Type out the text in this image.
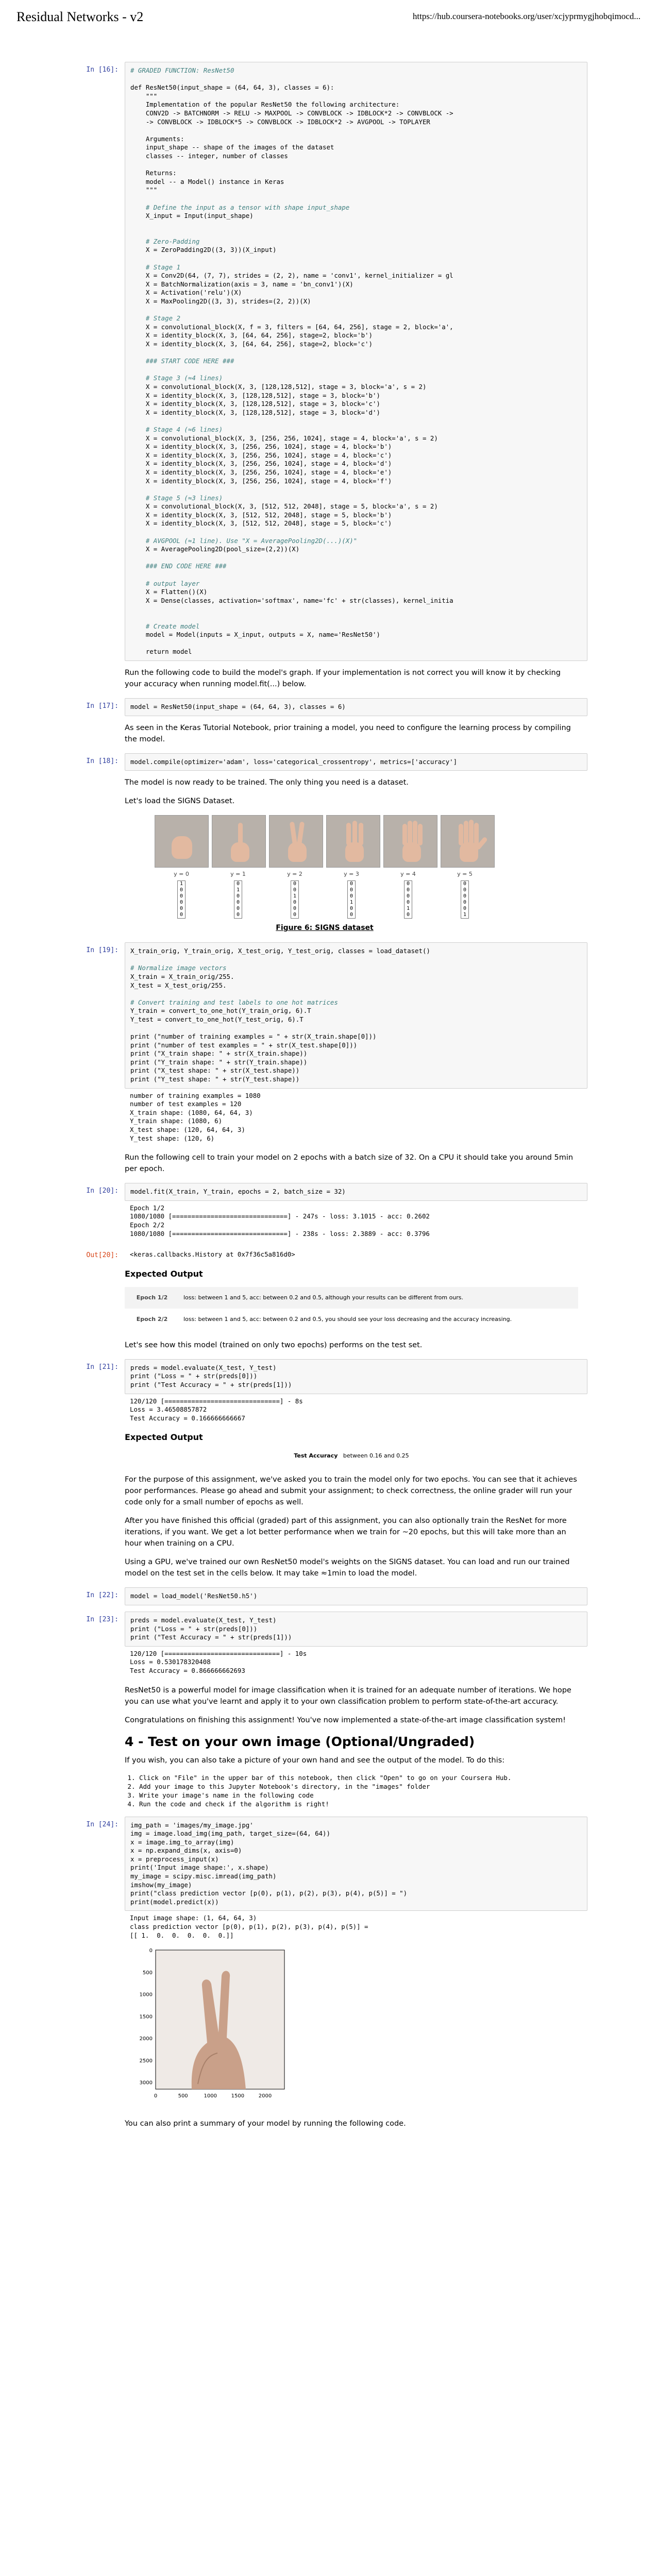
Residual Networks - v2	https://hub.coursera-notebooks.org/user/xcjyprmygjhobqimocd...
In [16]:	# GRADED FUNCTION: ResNet50

def ResNet50(input_shape = (64, 64, 3), classes = 6):
"""
Implementation of the popular ResNet50 the following architecture:
CONV2D -> BATCHNORM -> RELU -> MAXPOOL -> CONVBLOCK -> IDBLOCK*2 -> CONVBLOCK ->
-> CONVBLOCK -> IDBLOCK*5 -> CONVBLOCK -> IDBLOCK*2 -> AVGPOOL -> TOPLAYER

Arguments:
input_shape -- shape of the images of the dataset
classes -- integer, number of classes

Returns:
model -- a Model() instance in Keras
"""

# Define the input as a tensor with shape input_shape
X_input = Input(input_shape)

# Zero-Padding
X = ZeroPadding2D((3, 3))(X_input)

# Stage 1
X = Conv2D(64, (7, 7), strides = (2, 2), name = 'conv1', kernel_initializer = gl
X = BatchNormalization(axis = 3, name = 'bn_conv1')(X)
X = Activation('relu')(X)
X = MaxPooling2D((3, 3), strides=(2, 2))(X)

# Stage 2
X = convolutional_block(X, f = 3, filters = [64, 64, 256], stage = 2, block='a',
X = identity_block(X, 3, [64, 64, 256], stage=2, block='b')
X = identity_block(X, 3, [64, 64, 256], stage=2, block='c')

### START CODE HERE ###

# Stage 3 (≈4 lines)
X = convolutional_block(X, 3, [128,128,512], stage = 3, block='a', s = 2)
X = identity_block(X, 3, [128,128,512], stage = 3, block='b')
X = identity_block(X, 3, [128,128,512], stage = 3, block='c')
X = identity_block(X, 3, [128,128,512], stage = 3, block='d')

# Stage 4 (≈6 lines)
X = convolutional_block(X, 3, [256, 256, 1024], stage = 4, block='a', s = 2)
X = identity_block(X, 3, [256, 256, 1024], stage = 4, block='b')
X = identity_block(X, 3, [256, 256, 1024], stage = 4, block='c')
X = identity_block(X, 3, [256, 256, 1024], stage = 4, block='d')
X = identity_block(X, 3, [256, 256, 1024], stage = 4, block='e')
X = identity_block(X, 3, [256, 256, 1024], stage = 4, block='f')

# Stage 5 (≈3 lines)
X = convolutional_block(X, 3, [512, 512, 2048], stage = 5, block='a', s = 2)
X = identity_block(X, 3, [512, 512, 2048], stage = 5, block='b')
X = identity_block(X, 3, [512, 512, 2048], stage = 5, block='c')

# AVGPOOL (≈1 line). Use "X = AveragePooling2D(...)(X)"
X = AveragePooling2D(pool_size=(2,2))(X)

### END CODE HERE ###

# output layer
X = Flatten()(X)
X = Dense(classes, activation='softmax', name='fc' + str(classes), kernel_initia

# Create model
model = Model(inputs = X_input, outputs = X, name='ResNet50')

return model

Run the following code to build the model's graph. If your implementation is not correct you will know it by checking your accuracy when running model.fit(...) below.

In [17]:	model = ResNet50(input_shape = (64, 64, 3), classes = 6)

As seen in the Keras Tutorial Notebook, prior training a model, you need to configure the learning process by compiling the model.

In [18]:	model.compile(optimizer='adam', loss='categorical_crossentropy', metrics=['accuracy']

The model is now ready to be trained. The only thing you need is a dataset.

Let's load the SIGNS Dataset.

y = 0	y = 1	y = 2	y = 3	y = 4	y = 5
1
0
0
0
0
0
0
1
0
0
0
0
0
0
1
0
0
0
0
0
0
1
0
0
0
0
0
0
1
0
0
0
0
0
0
1
Figure 6: SIGNS dataset
In [19]:	X_train_orig, Y_train_orig, X_test_orig, Y_test_orig, classes = load_dataset()

# Normalize image vectors
X_train = X_train_orig/255.
X_test = X_test_orig/255.

# Convert training and test labels to one hot matrices
Y_train = convert_to_one_hot(Y_train_orig, 6).T
Y_test = convert_to_one_hot(Y_test_orig, 6).T

print ("number of training examples = " + str(X_train.shape[0]))
print ("number of test examples = " + str(X_test.shape[0]))
print ("X_train shape: " + str(X_train.shape))
print ("Y_train shape: " + str(Y_train.shape))
print ("X_test shape: " + str(X_test.shape))
print ("Y_test shape: " + str(Y_test.shape))
number of training examples = 1080
number of test examples = 120
X_train shape: (1080, 64, 64, 3)
Y_train shape: (1080, 6)
X_test shape: (120, 64, 64, 3)
Y_test shape: (120, 6)

Run the following cell to train your model on 2 epochs with a batch size of 32. On a CPU it should take you around 5min per epoch.

In [20]:	model.fit(X_train, Y_train, epochs = 2, batch_size = 32)
Epoch 1/2
1080/1080 [==============================] - 247s - loss: 3.1015 - acc: 0.2602
Epoch 2/2
1080/1080 [==============================] - 238s - loss: 2.3889 - acc: 0.3796
Out[20]:	<keras.callbacks.History at 0x7f36c5a816d0>
Expected Output
Epoch 1/2	loss: between 1 and 5, acc: between 0.2 and 0.5, although your results can be different from ours.
Epoch 2/2	loss: between 1 and 5, acc: between 0.2 and 0.5, you should see your loss decreasing and the accuracy increasing.

Let's see how this model (trained on only two epochs) performs on the test set.

In [21]:	preds = model.evaluate(X_test, Y_test)
print ("Loss = " + str(preds[0]))
print ("Test Accuracy = " + str(preds[1]))
120/120 [==============================] - 8s
Loss = 3.46508857872
Test Accuracy = 0.166666666667
Expected Output
Test Accuracy between 0.16 and 0.25

For the purpose of this assignment, we've asked you to train the model only for two epochs. You can see that it achieves poor performances. Please go ahead and submit your assignment; to check correctness, the online grader will run your code only for a small number of epochs as well.

After you have finished this official (graded) part of this assignment, you can also optionally train the ResNet for more iterations, if you want. We get a lot better performance when we train for ~20 epochs, but this will take more than an hour when training on a CPU.

Using a GPU, we've trained our own ResNet50 model's weights on the SIGNS dataset. You can load and run our trained model on the test set in the cells below. It may take ≈1min to load the model.

In [22]:	model = load_model('ResNet50.h5')
In [23]:	preds = model.evaluate(X_test, Y_test)
print ("Loss = " + str(preds[0]))
print ("Test Accuracy = " + str(preds[1]))
120/120 [==============================] - 10s
Loss = 0.530178320408
Test Accuracy = 0.866666662693

ResNet50 is a powerful model for image classification when it is trained for an adequate number of iterations. We hope you can use what you've learnt and apply it to your own classification problem to perform state-of-the-art accuracy.

Congratulations on finishing this assignment! You've now implemented a state-of-the-art image classification system!

4 - Test on your own image (Optional/Ungraded)

If you wish, you can also take a picture of your own hand and see the output of the model. To do this:

1. Click on "File" in the upper bar of this notebook, then click "Open" to go on your Coursera Hub.
2. Add your image to this Jupyter Notebook's directory, in the "images" folder
3. Write your image's name in the following code
4. Run the code and check if the algorithm is right!
In [24]:	img_path = 'images/my_image.jpg'
img = image.load_img(img_path, target_size=(64, 64))
x = image.img_to_array(img)
x = np.expand_dims(x, axis=0)
x = preprocess_input(x)
print('Input image shape:', x.shape)
my_image = scipy.misc.imread(img_path)
imshow(my_image)
print("class prediction vector [p(0), p(1), p(2), p(3), p(4), p(5)] = ")
print(model.predict(x))
Input image shape: (1, 64, 64, 3)
class prediction vector [p(0), p(1), p(2), p(3), p(4), p(5)] =
[[ 1.  0.  0.  0.  0.  0.]]
0	500	1000	1500	2000
0
500
1000
1500
2000
2500
3000

You can also print a summary of your model by running the following code.
